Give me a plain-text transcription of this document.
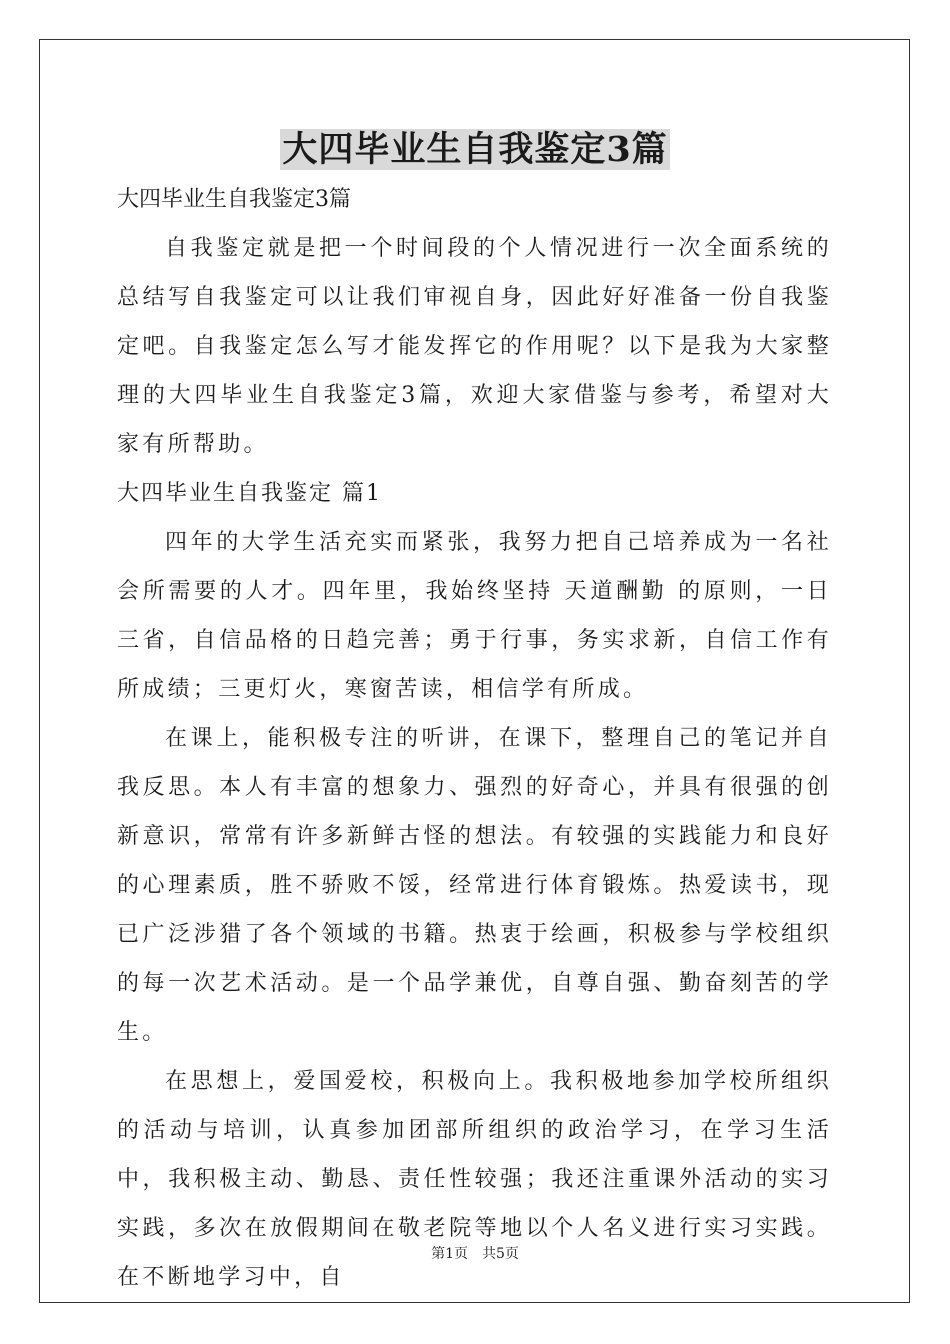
大四毕业生自我鉴定3篇

大四毕业生自我鉴定3篇

自我鉴定就是把一个时间段的个人情况进行一次全面系统的总结写自我鉴定可以让我们审视自身，因此好好准备一份自我鉴定吧。自我鉴定怎么写才能发挥它的作用呢？以下是我为大家整理的大四毕业生自我鉴定3篇，欢迎大家借鉴与参考，希望对大家有所帮助。

大四毕业生自我鉴定 篇1

四年的大学生活充实而紧张，我努力把自己培养成为一名社会所需要的人才。四年里，我始终坚持 天道酬勤 的原则，一日三省，自信品格的日趋完善；勇于行事，务实求新，自信工作有所成绩；三更灯火，寒窗苦读，相信学有所成。

在课上，能积极专注的听讲，在课下，整理自己的笔记并自我反思。本人有丰富的想象力、强烈的好奇心，并具有很强的创新意识，常常有许多新鲜古怪的想法。有较强的实践能力和良好的心理素质，胜不骄败不馁，经常进行体育锻炼。热爱读书，现已广泛涉猎了各个领域的书籍。热衷于绘画，积极参与学校组织的每一次艺术活动。是一个品学兼优，自尊自强、勤奋刻苦的学生。

在思想上，爱国爱校，积极向上。我积极地参加学校所组织的活动与培训，认真参加团部所组织的政治学习，在学习生活中，我积极主动、勤恳、责任性较强；我还注重课外活动的实习实践，多次在放假期间在敬老院等地以个人名义进行实习实践。在不断地学习中，自

第1页　共5页
